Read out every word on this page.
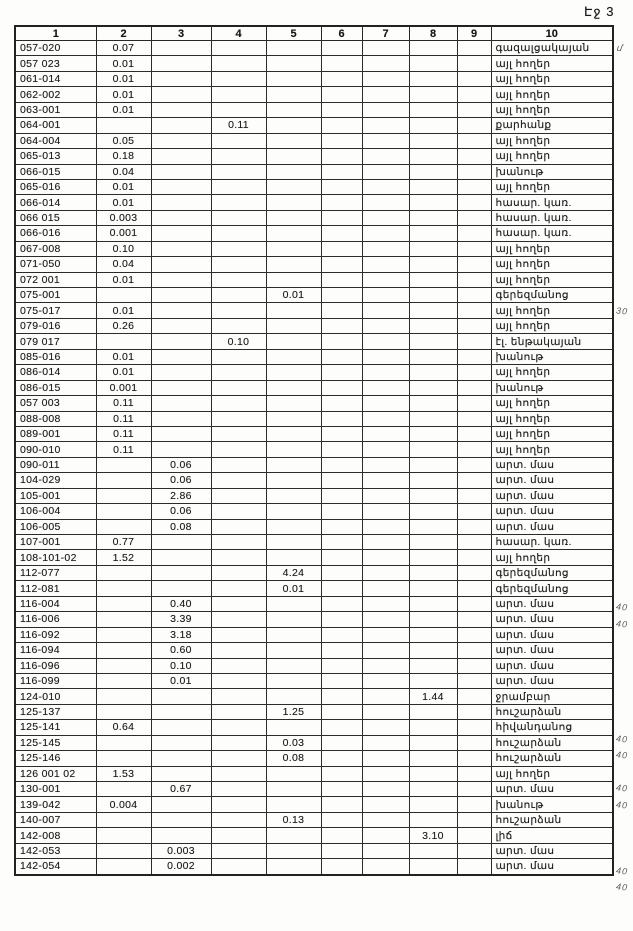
Էջ 3
1	2	3	4	5	6	7	8	9	10
057-020	0.07								գազալցակայան
057 023	0.01								այլ հողեր
061-014	0.01								այլ հողեր
062-002	0.01								այլ հողեր
063-001	0.01								այլ հողեր
064-001			0.11						քարհանք
064-004	0.05								այլ հողեր
065-013	0.18								այլ հողեր
066-015	0.04								խանութ
065-016	0.01								այլ հողեր
066-014	0.01								հասար. կառ.
066 015	0.003								հասար. կառ.
066-016	0.001								հասար. կառ.
067-008	0.10								այլ հողեր
071-050	0.04								այլ հողեր
072 001	0.01								այլ հողեր
075-001				0.01					գերեզմանոց
075-017	0.01								այլ հողեր
079-016	0.26								այլ հողեր
079 017			0.10						էլ. ենթակայան
085-016	0.01								խանութ
086-014	0.01								այլ հողեր
086-015	0.001								խանութ
057 003	0.11								այլ հողեր
088-008	0.11								այլ հողեր
089-001	0.11								այլ հողեր
090-010	0.11								այլ հողեր
090-011		0.06							արտ. մաս
104-029		0.06							արտ. մաս
105-001		2.86							արտ. մաս
106-004		0.06							արտ. մաս
106-005		0.08							արտ. մաս
107-001	0.77								հասար. կառ.
108-101-02	1.52								այլ հողեր
112-077				4.24					գերեզմանոց
112-081				0.01					գերեզմանոց
116-004		0.40							արտ. մաս
116-006		3.39							արտ. մաս
116-092		3.18							արտ. մաս
116-094		0.60							արտ. մաս
116-096		0.10							արտ. մաս
116-099		0.01							արտ. մաս
124-010							1.44		ջրամբար
125-137				1.25					հուշարձան
125-141	0.64								հիվանդանոց
125-145				0.03					հուշարձան
125-146				0.08					հուշարձան
126 001 02	1.53								այլ հողեր
130-001		0.67							արտ. մաս
139-042	0.004								խանութ
140-007				0.13					հուշարձան
142-008							3.10		լիճ
142-053		0.003							արտ. մաս
142-054		0.002							արտ. մաս
մ
30
40
40
40
40
40
40
40
40
